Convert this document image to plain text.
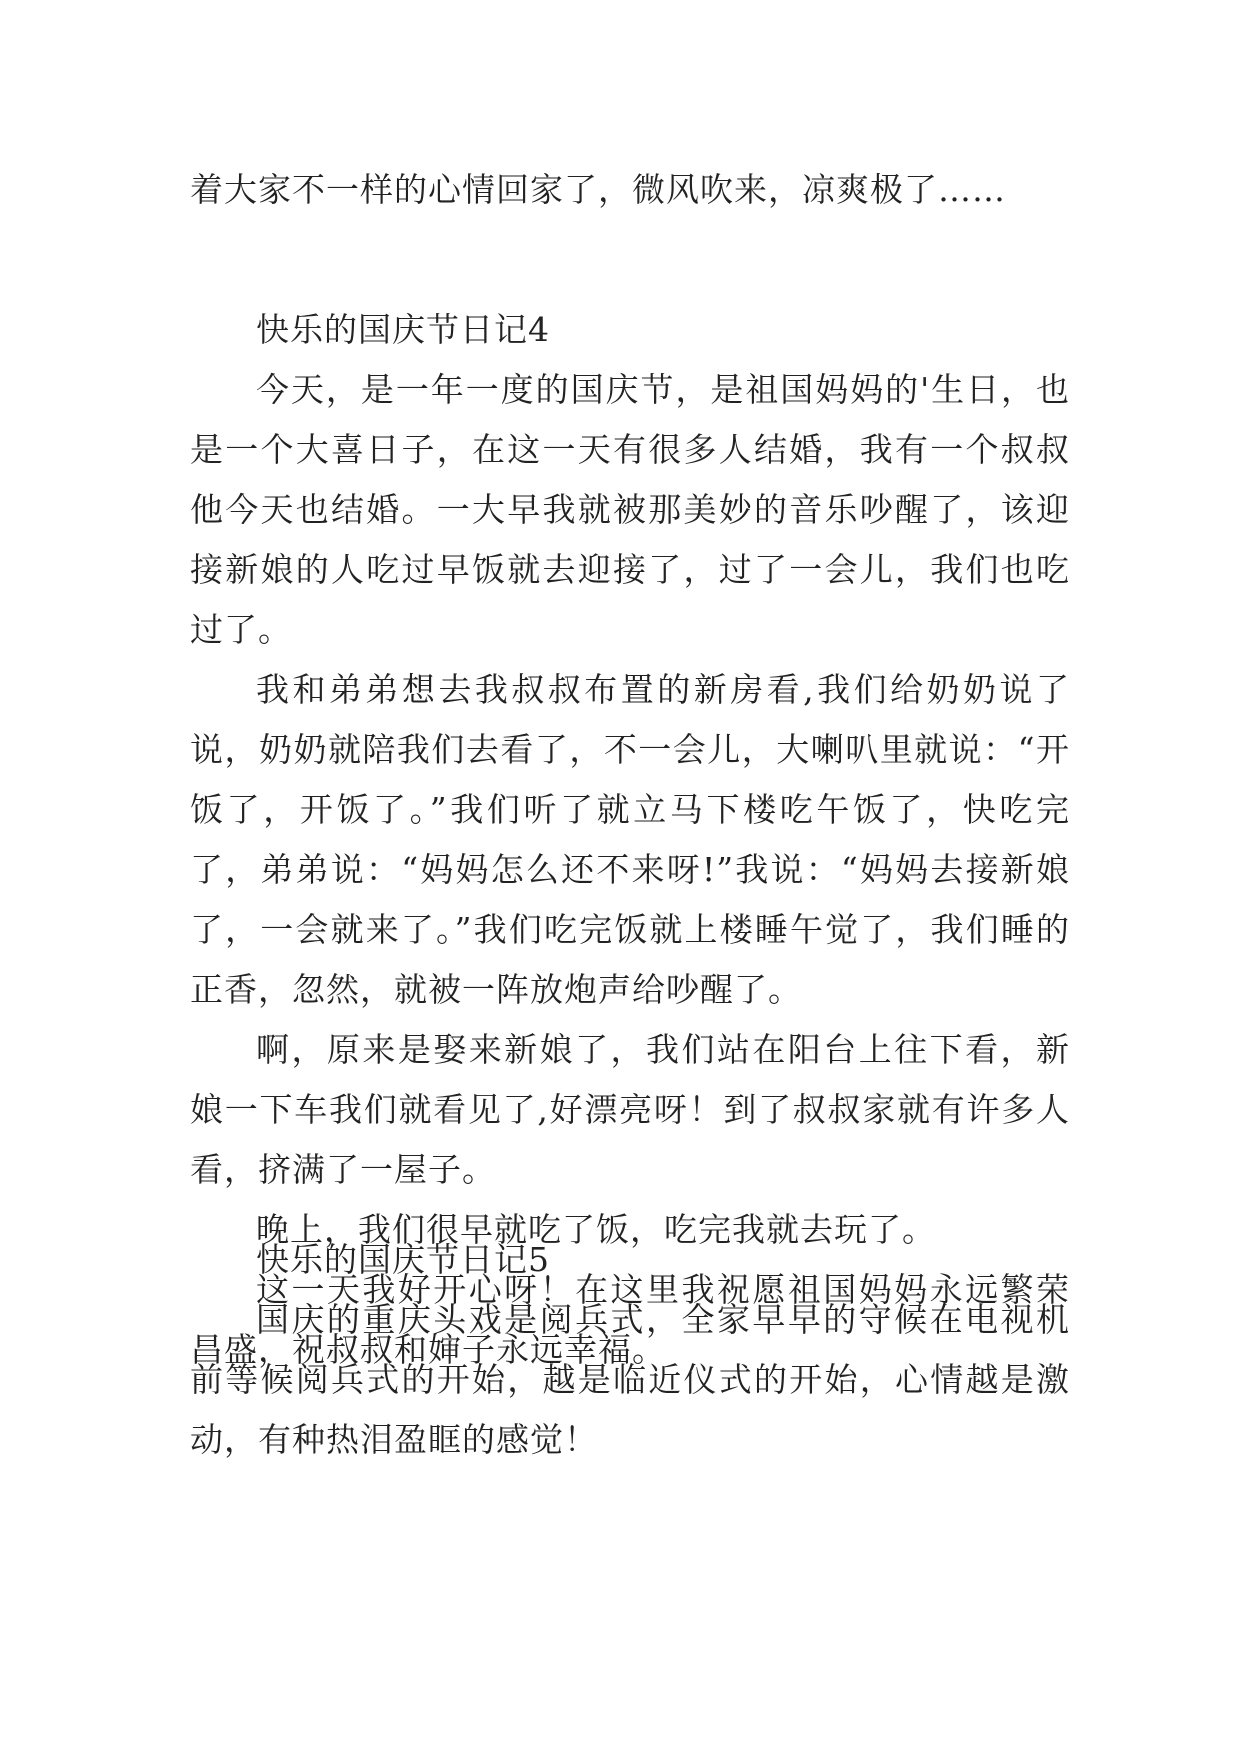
着大家不一样的心情回家了，微风吹来，凉爽极了……

快乐的国庆节日记4

今天，是一年一度的国庆节，是祖国妈妈的'生日，也是一个大喜日子，在这一天有很多人结婚，我有一个叔叔他今天也结婚。一大早我就被那美妙的音乐吵醒了，该迎接新娘的人吃过早饭就去迎接了，过了一会儿，我们也吃过了。

我和弟弟想去我叔叔布置的新房看,我们给奶奶说了说，奶奶就陪我们去看了，不一会儿，大喇叭里就说：“开饭了，开饭了。”我们听了就立马下楼吃午饭了，快吃完了，弟弟说：“妈妈怎么还不来呀!”我说：“妈妈去接新娘了，一会就来了。”我们吃完饭就上楼睡午觉了，我们睡的正香，忽然，就被一阵放炮声给吵醒了。

啊，原来是娶来新娘了，我们站在阳台上往下看，新娘一下车我们就看见了,好漂亮呀！到了叔叔家就有许多人看，挤满了一屋子。

晚上，我们很早就吃了饭，吃完我就去玩了。

这一天我好开心呀！在这里我祝愿祖国妈妈永远繁荣昌盛，祝叔叔和婶子永远幸福。

快乐的国庆节日记5

国庆的重庆头戏是阅兵式，全家早早的守候在电视机前等候阅兵式的开始，越是临近仪式的开始，心情越是激动，有种热泪盈眶的感觉！
